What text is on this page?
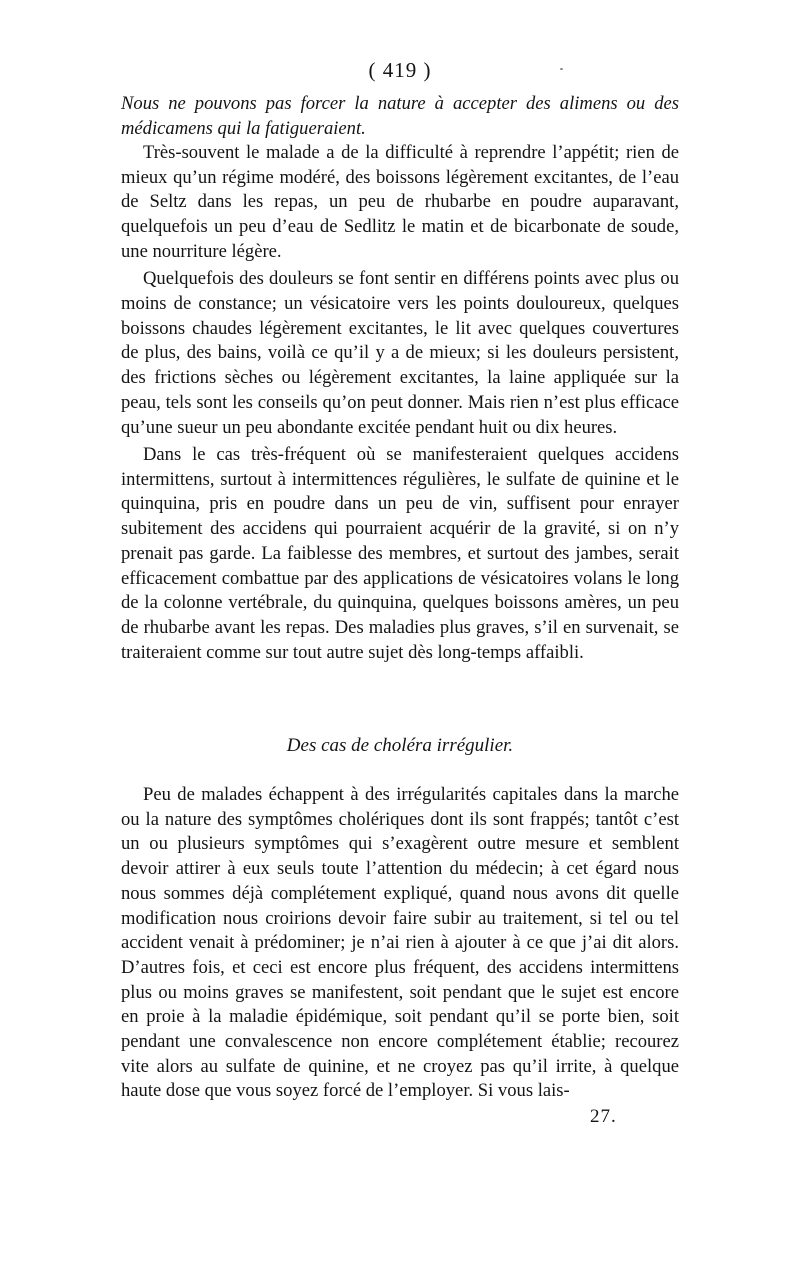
( 419 )

Nous ne pouvons pas forcer la nature à accepter des alimens ou des médicamens qui la fatigueraient.

Très-souvent le malade a de la difficulté à reprendre l’appétit; rien de mieux qu’un régime modéré, des boissons légèrement excitantes, de l’eau de Seltz dans les repas, un peu de rhubarbe en poudre auparavant, quelquefois un peu d’eau de Sedlitz le matin et de bicarbonate de soude, une nourriture légère.

Quelquefois des douleurs se font sentir en différens points avec plus ou moins de constance; un vésicatoire vers les points douloureux, quelques boissons chaudes légèrement excitantes, le lit avec quelques couvertures de plus, des bains, voilà ce qu’il y a de mieux; si les douleurs persistent, des frictions sèches ou légèrement excitantes, la laine appliquée sur la peau, tels sont les conseils qu’on peut donner. Mais rien n’est plus efficace qu’une sueur un peu abondante excitée pendant huit ou dix heures.

Dans le cas très-fréquent où se manifesteraient quelques accidens intermittens, surtout à intermittences régulières, le sulfate de quinine et le quinquina, pris en poudre dans un peu de vin, suffisent pour enrayer subitement des accidens qui pourraient acquérir de la gravité, si on n’y prenait pas garde. La faiblesse des membres, et surtout des jambes, serait efficacement combattue par des applications de vésicatoires volans le long de la colonne vertébrale, du quinquina, quelques boissons amères, un peu de rhubarbe avant les repas. Des maladies plus graves, s’il en survenait, se traiteraient comme sur tout autre sujet dès long-temps affaibli.

Des cas de choléra irrégulier.

Peu de malades échappent à des irrégularités capitales dans la marche ou la nature des symptômes cholériques dont ils sont frappés; tantôt c’est un ou plusieurs symptômes qui s’exagèrent outre mesure et semblent devoir attirer à eux seuls toute l’attention du médecin; à cet égard nous nous sommes déjà complétement expliqué, quand nous avons dit quelle modification nous croirions devoir faire subir au traitement, si tel ou tel accident venait à prédominer; je n’ai rien à ajouter à ce que j’ai dit alors. D’autres fois, et ceci est encore plus fréquent, des accidens intermittens plus ou moins graves se manifestent, soit pendant que le sujet est encore en proie à la maladie épidémique, soit pendant qu’il se porte bien, soit pendant une convalescence non encore complétement établie; recourez vite alors au sulfate de quinine, et ne croyez pas qu’il irrite, à quelque haute dose que vous soyez forcé de l’employer. Si vous lais-

27.
